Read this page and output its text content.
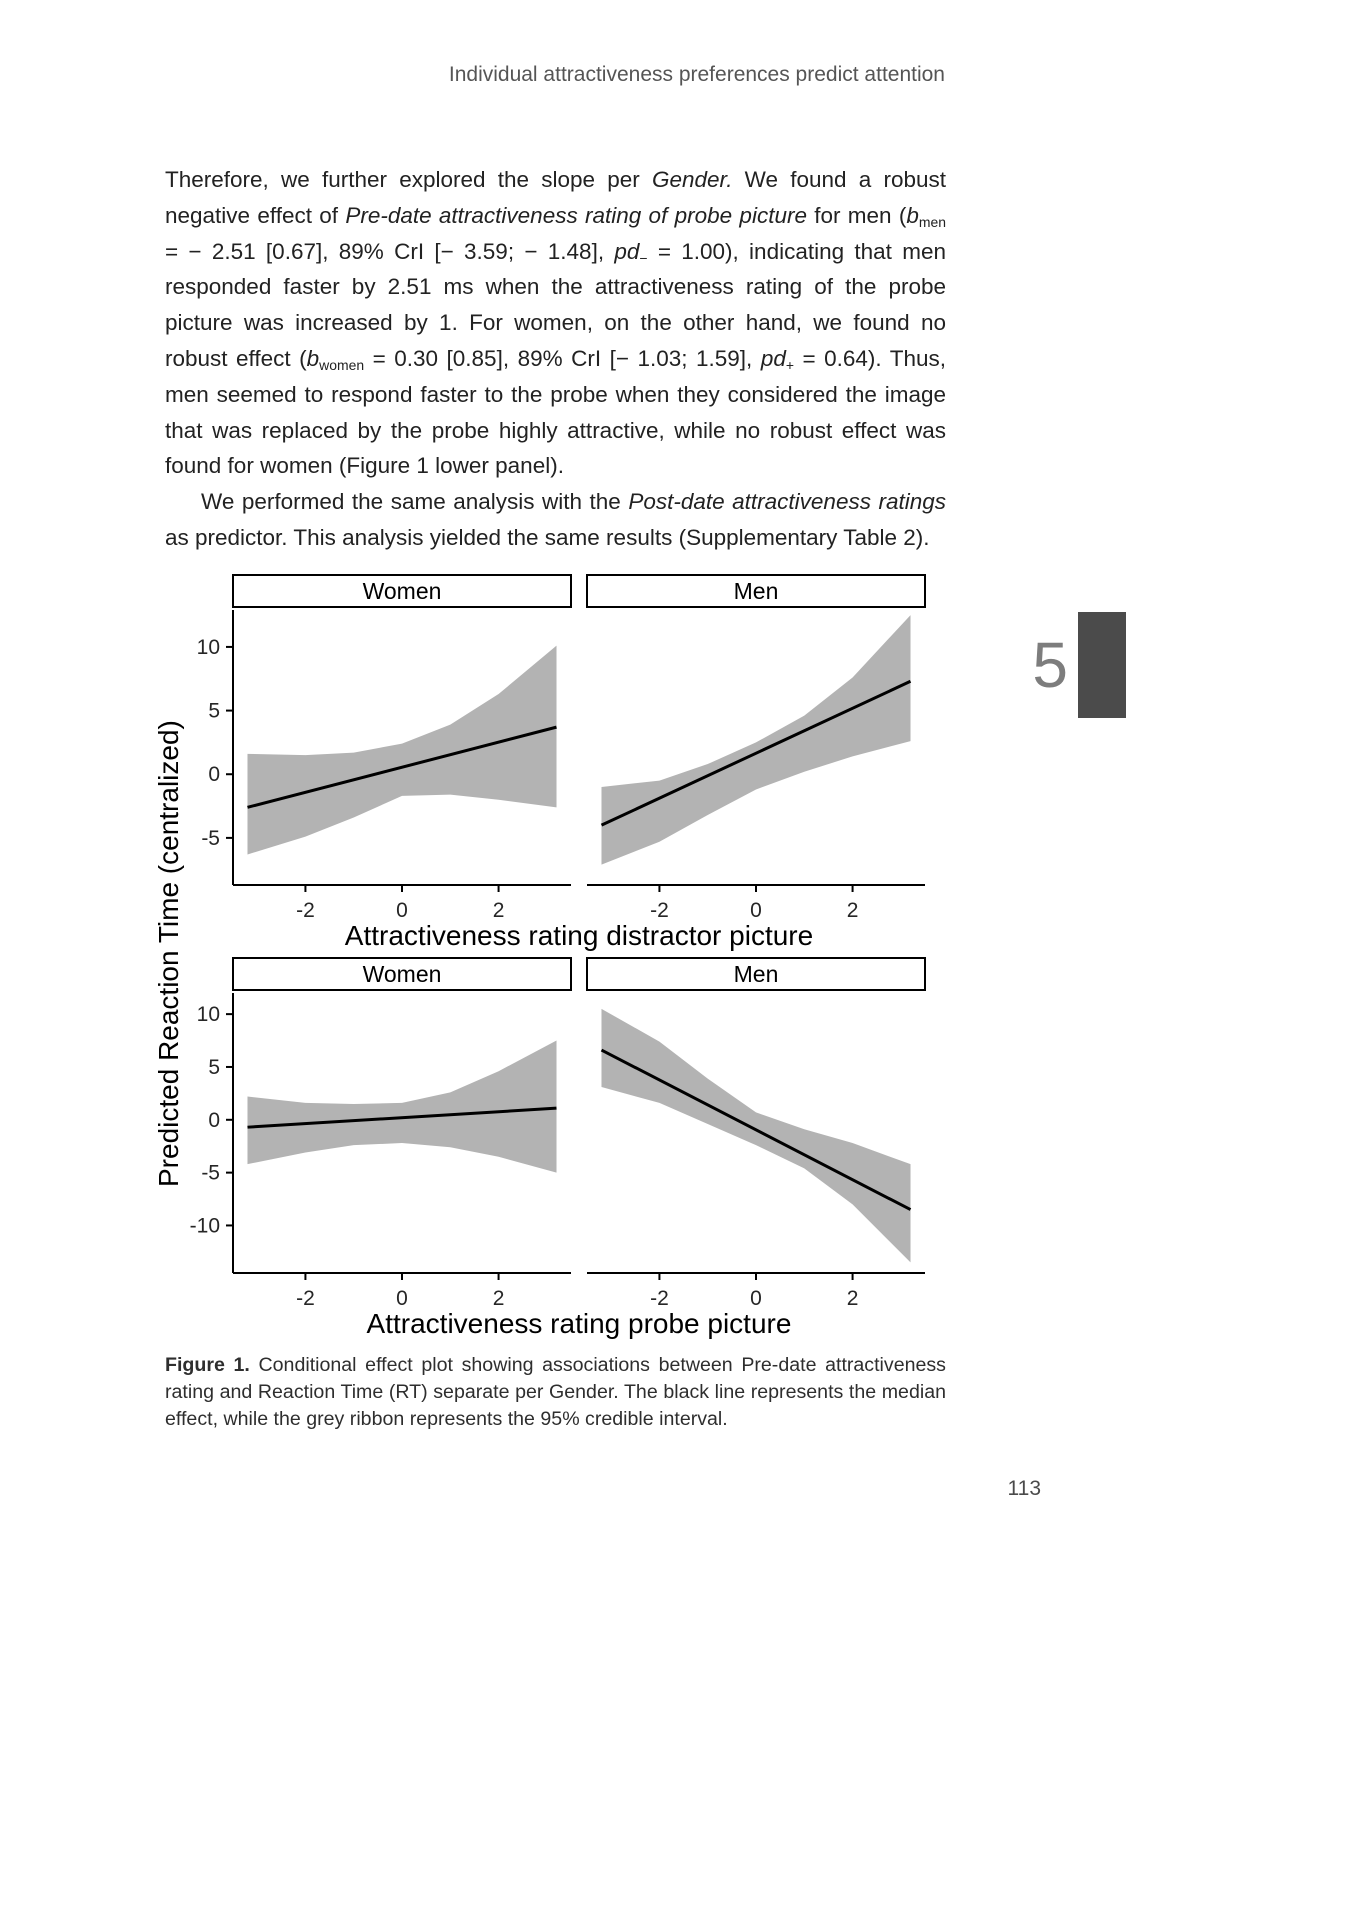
Individual attractiveness preferences predict attention

Therefore, we further explored the slope per Gender. We found a robust negative effect of Pre-date attractiveness rating of probe picture for men (bmen = − 2.51 [0.67], 89% CrI [− 3.59; − 1.48], pd− = 1.00), indicating that men responded faster by 2.51 ms when the attractiveness rating of the probe picture was increased by 1. For women, on the other hand, we found no robust effect (bwomen = 0.30 [0.85], 89% CrI [− 1.03; 1.59], pd+ = 0.64). Thus, men seemed to respond faster to the probe when they considered the image that was replaced by the probe highly attractive, while no robust effect was found for women (Figure 1 lower panel).

We performed the same analysis with the Post-date attractiveness ratings as predictor. This analysis yielded the same results (Supplementary Table 2).

Predicted Reaction Time (centralized)
Women
10
5
0
-5
-2	0	2
Men
-2	0	2
Attractiveness rating distractor picture
Women
10
5
0
-5
-10
-2	0	2
Men
-2	0	2
Attractiveness rating probe picture
5
Figure 1. Conditional effect plot showing associations between Pre-date attractiveness rating and Reaction Time (RT) separate per Gender. The black line represents the median effect, while the grey ribbon represents the 95% credible interval.
113
